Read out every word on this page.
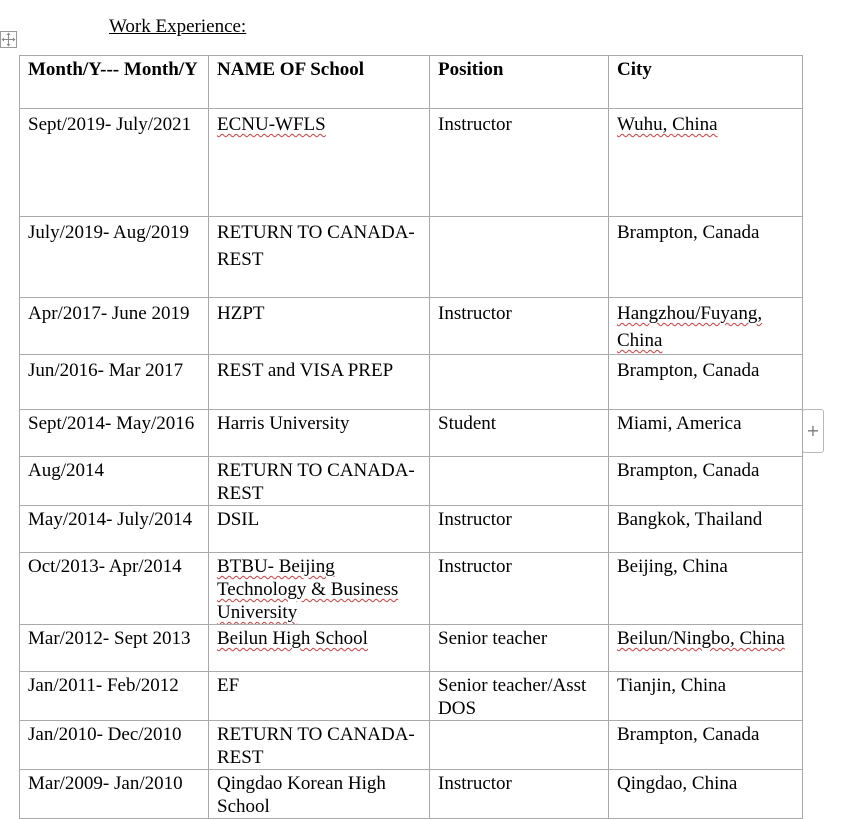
Work Experience:
+
Month/Y--- Month/Y	NAME OF School	Position	City
Sept/2019- July/2021	ECNU-WFLS	Instructor	Wuhu, China
July/2019- Aug/2019	RETURN TO CANADA- REST		Brampton, Canada
Apr/2017- June 2019	HZPT	Instructor	Hangzhou/Fuyang, China
Jun/2016- Mar 2017	REST and VISA PREP		Brampton, Canada
Sept/2014- May/2016	Harris University	Student	Miami, America
Aug/2014	RETURN TO CANADA- REST		Brampton, Canada
May/2014- July/2014	DSIL	Instructor	Bangkok, Thailand
Oct/2013- Apr/2014	BTBU- Beijing Technology & Business University	Instructor	Beijing, China
Mar/2012- Sept 2013	Beilun High School	Senior teacher	Beilun/Ningbo, China
Jan/2011- Feb/2012	EF	Senior teacher/Asst DOS	Tianjin, China
Jan/2010- Dec/2010	RETURN TO CANADA- REST		Brampton, Canada
Mar/2009- Jan/2010	Qingdao Korean High School	Instructor	Qingdao, China
